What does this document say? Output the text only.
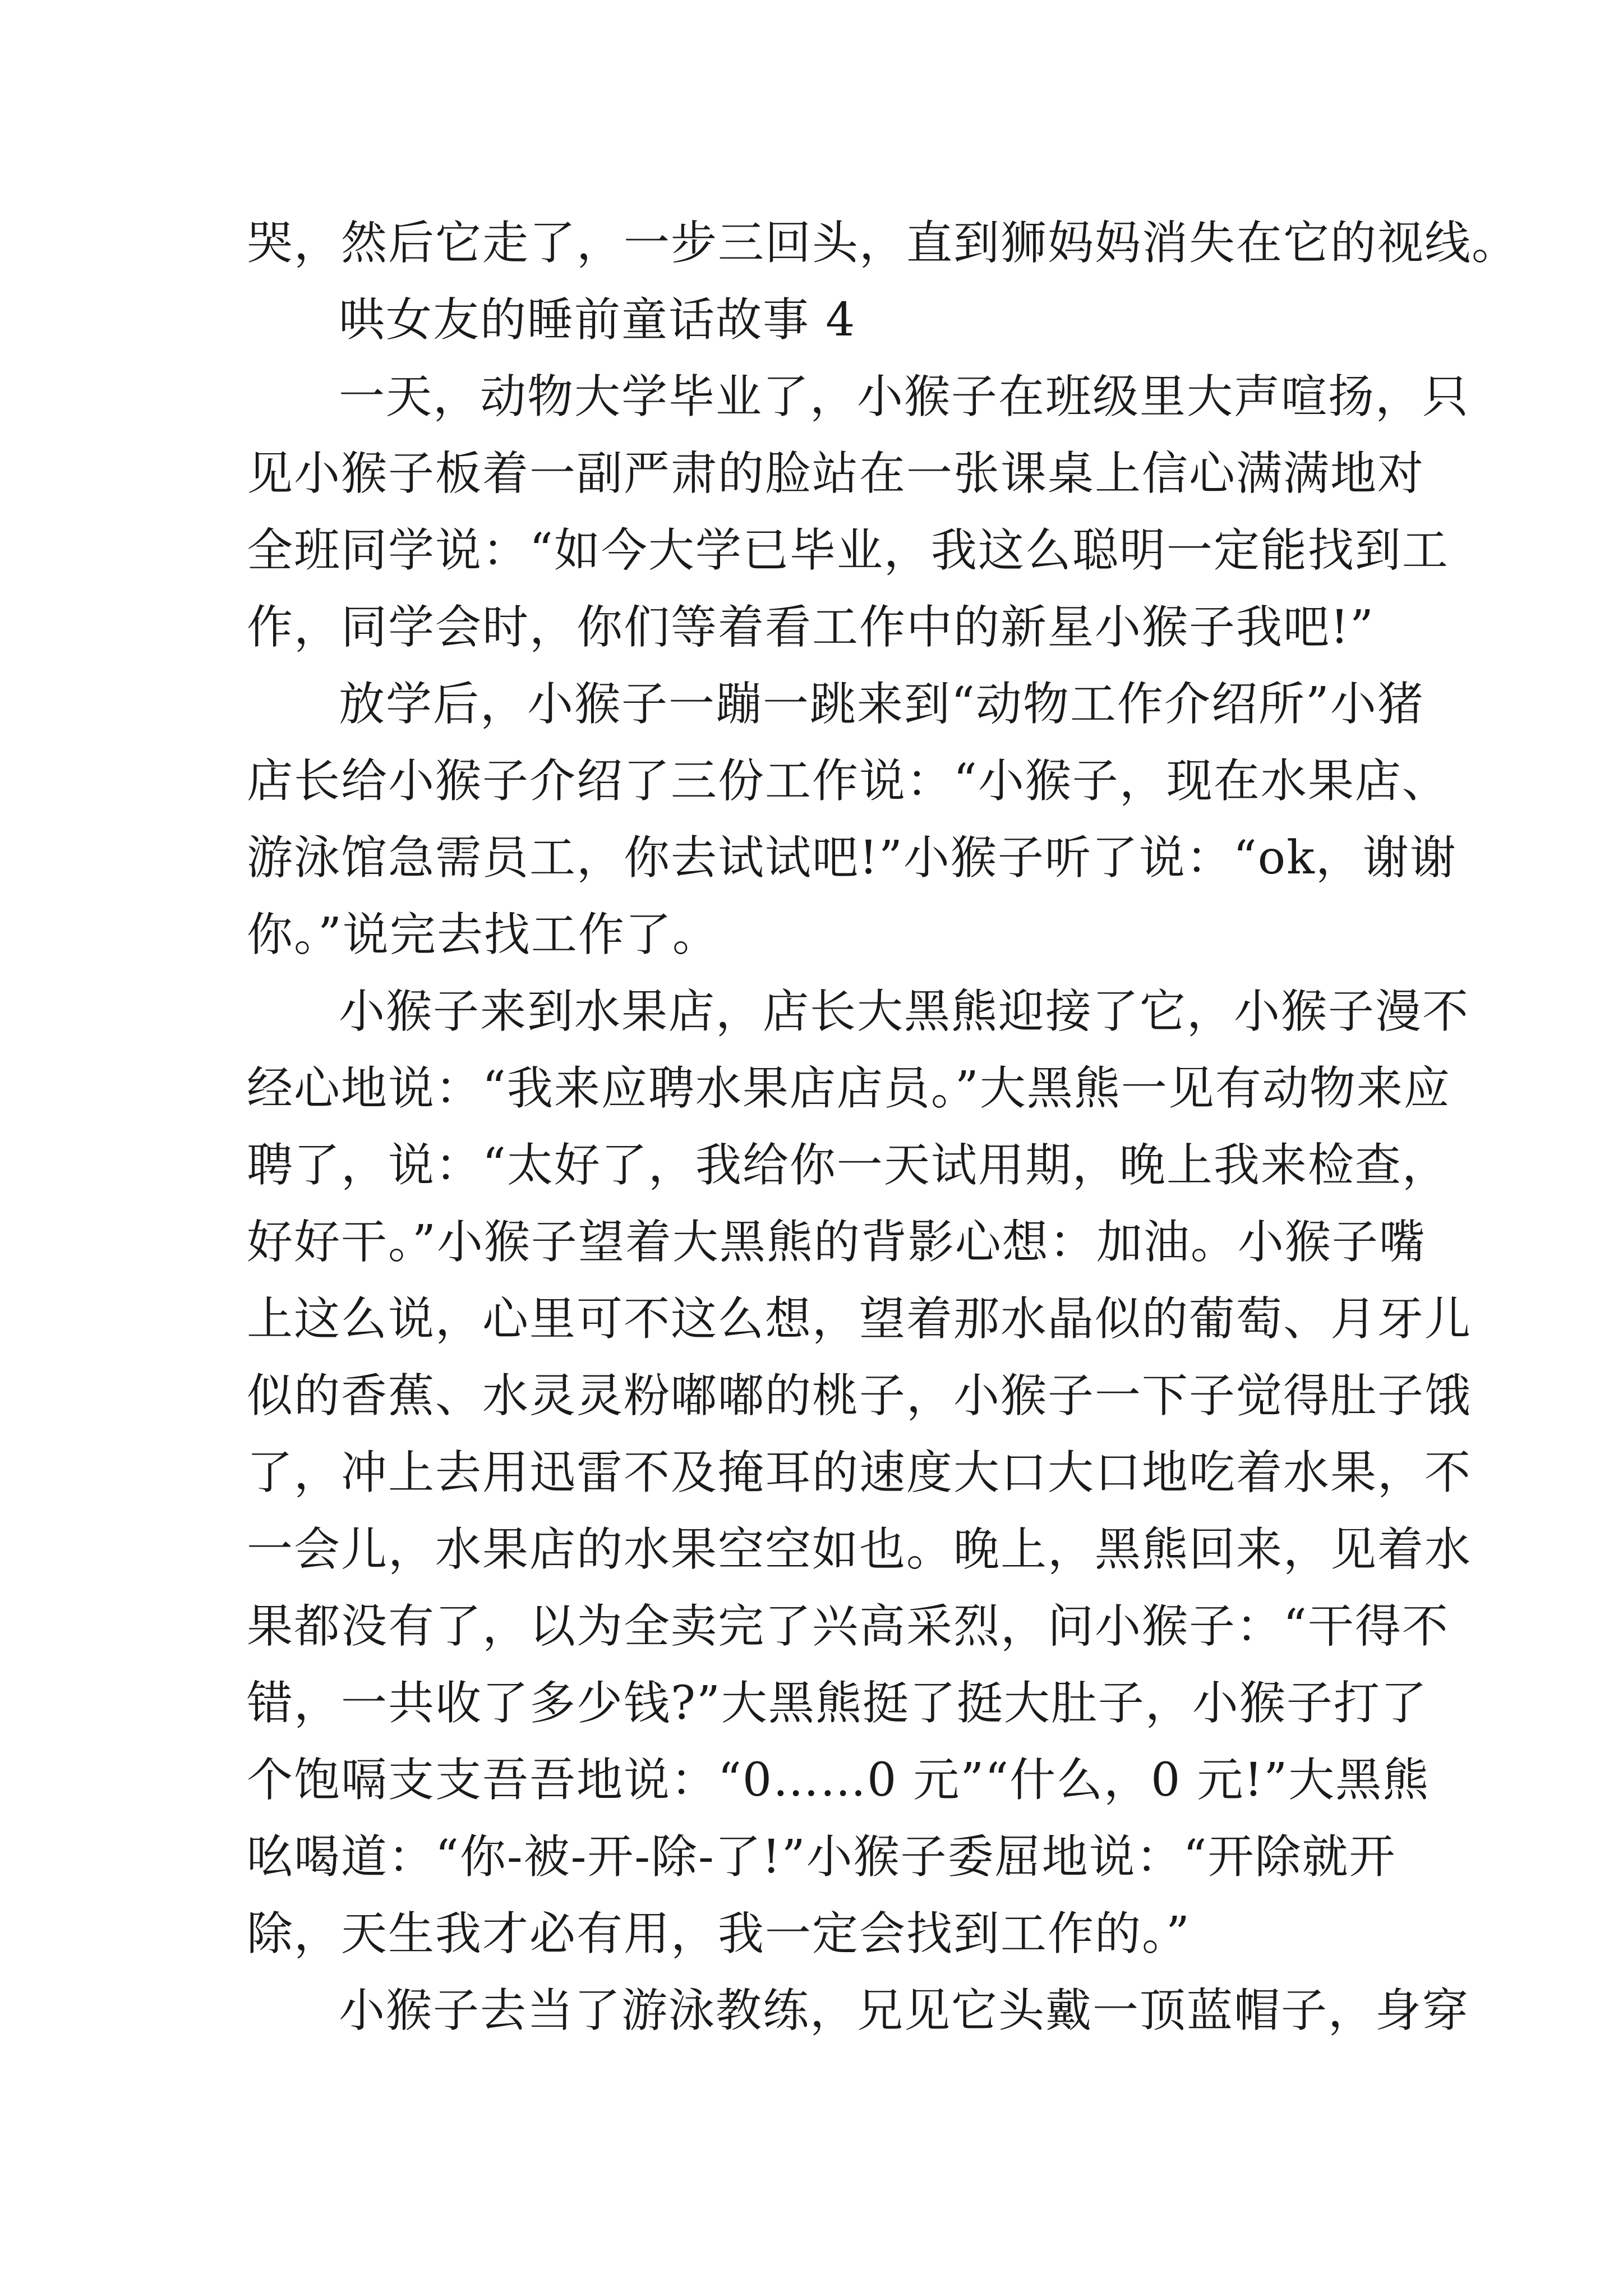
哭，然后它走了，一步三回头，直到狮妈妈消失在它的视线。
哄女友的睡前童话故事 4
一天，动物大学毕业了，小猴子在班级里大声喧扬，只
见小猴子板着一副严肃的脸站在一张课桌上信心满满地对
全班同学说：“如今大学已毕业，我这么聪明一定能找到工
作，同学会时，你们等着看工作中的新星小猴子我吧!”
放学后，小猴子一蹦一跳来到“动物工作介绍所”小猪
店长给小猴子介绍了三份工作说：“小猴子，现在水果店、
游泳馆急需员工，你去试试吧!”小猴子听了说：“ok，谢谢
你。”说完去找工作了。
小猴子来到水果店，店长大黑熊迎接了它，小猴子漫不
经心地说：“我来应聘水果店店员。”大黑熊一见有动物来应
聘了，说：“太好了，我给你一天试用期，晚上我来检查，
好好干。”小猴子望着大黑熊的背影心想：加油。小猴子嘴
上这么说，心里可不这么想，望着那水晶似的葡萄、月牙儿
似的香蕉、水灵灵粉嘟嘟的桃子，小猴子一下子觉得肚子饿
了，冲上去用迅雷不及掩耳的速度大口大口地吃着水果，不
一会儿，水果店的水果空空如也。晚上，黑熊回来，见着水
果都没有了，以为全卖完了兴高采烈，问小猴子：“干得不
错，一共收了多少钱?”大黑熊挺了挺大肚子，小猴子打了
个饱嗝支支吾吾地说：“0……0 元”“什么，0 元!”大黑熊
吆喝道：“你-被-开-除-了!”小猴子委屈地说：“开除就开
除，天生我才必有用，我一定会找到工作的。”
小猴子去当了游泳教练，兄见它头戴一顶蓝帽子，身穿
